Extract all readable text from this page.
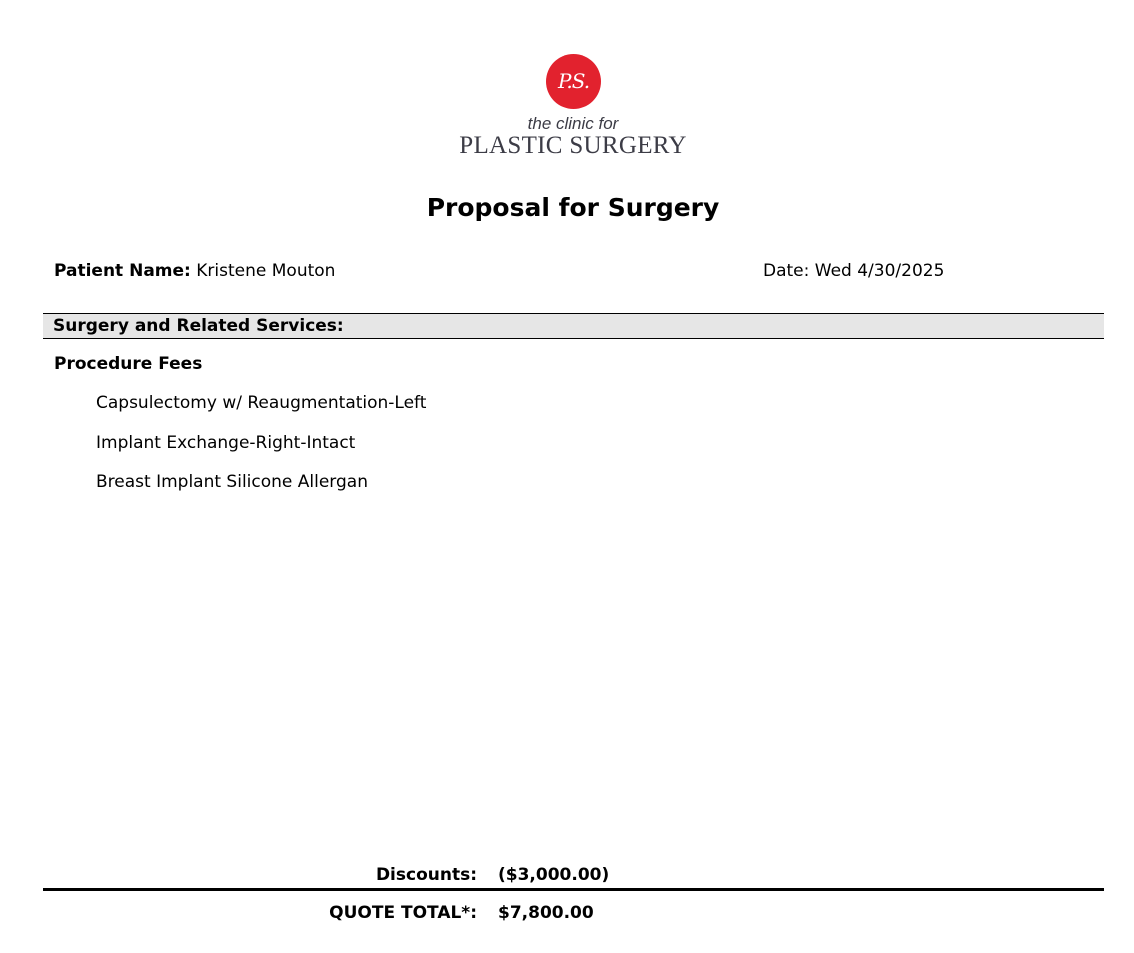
P.S.
the clinic for
PLASTIC SURGERY
Proposal for Surgery
Patient Name: Kristene Mouton	Date: Wed 4/30/2025
Surgery and Related Services:
Procedure Fees
Capsulectomy w/ Reaugmentation-Left
Implant Exchange-Right-Intact
Breast Implant Silicone Allergan
Discounts: ($3,000.00)
QUOTE TOTAL*: $7,800.00
